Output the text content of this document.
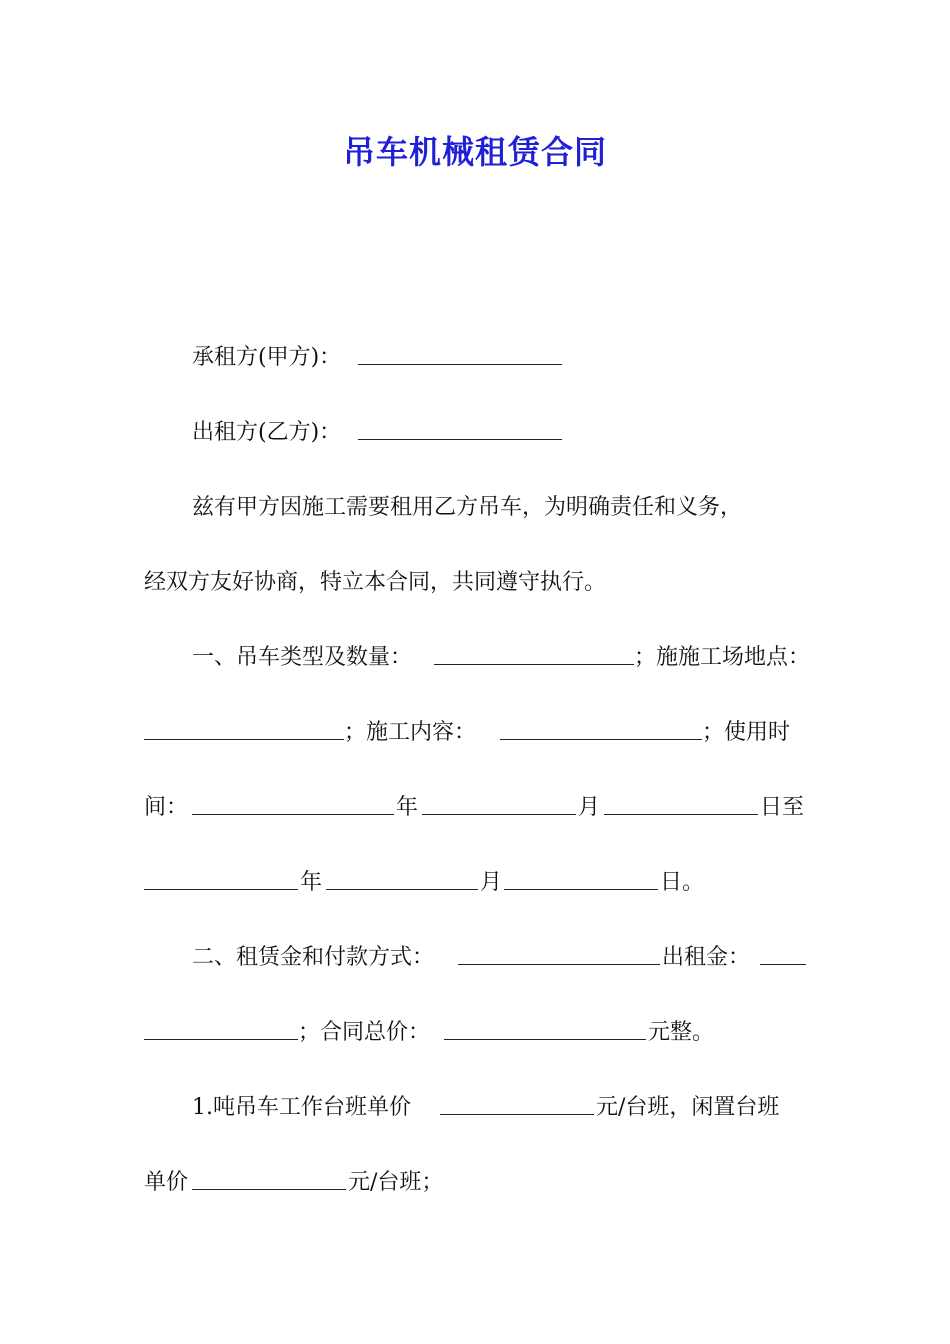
吊车机械租赁合同

承租方(甲方)：

出租方(乙方)：

兹有甲方因施工需要租用乙方吊车，为明确责任和义务，

经双方友好协商，特立本合同，共同遵守执行。

一、吊车类型及数量：	；施施工场地点：

；施工内容：	；使用时

间：	年	月	日至

年	月	日。

二、租赁金和付款方式：	出租金：

；合同总价：	元整。

1.吨吊车工作台班单价	元/台班，闲置台班

单价	元/台班；
